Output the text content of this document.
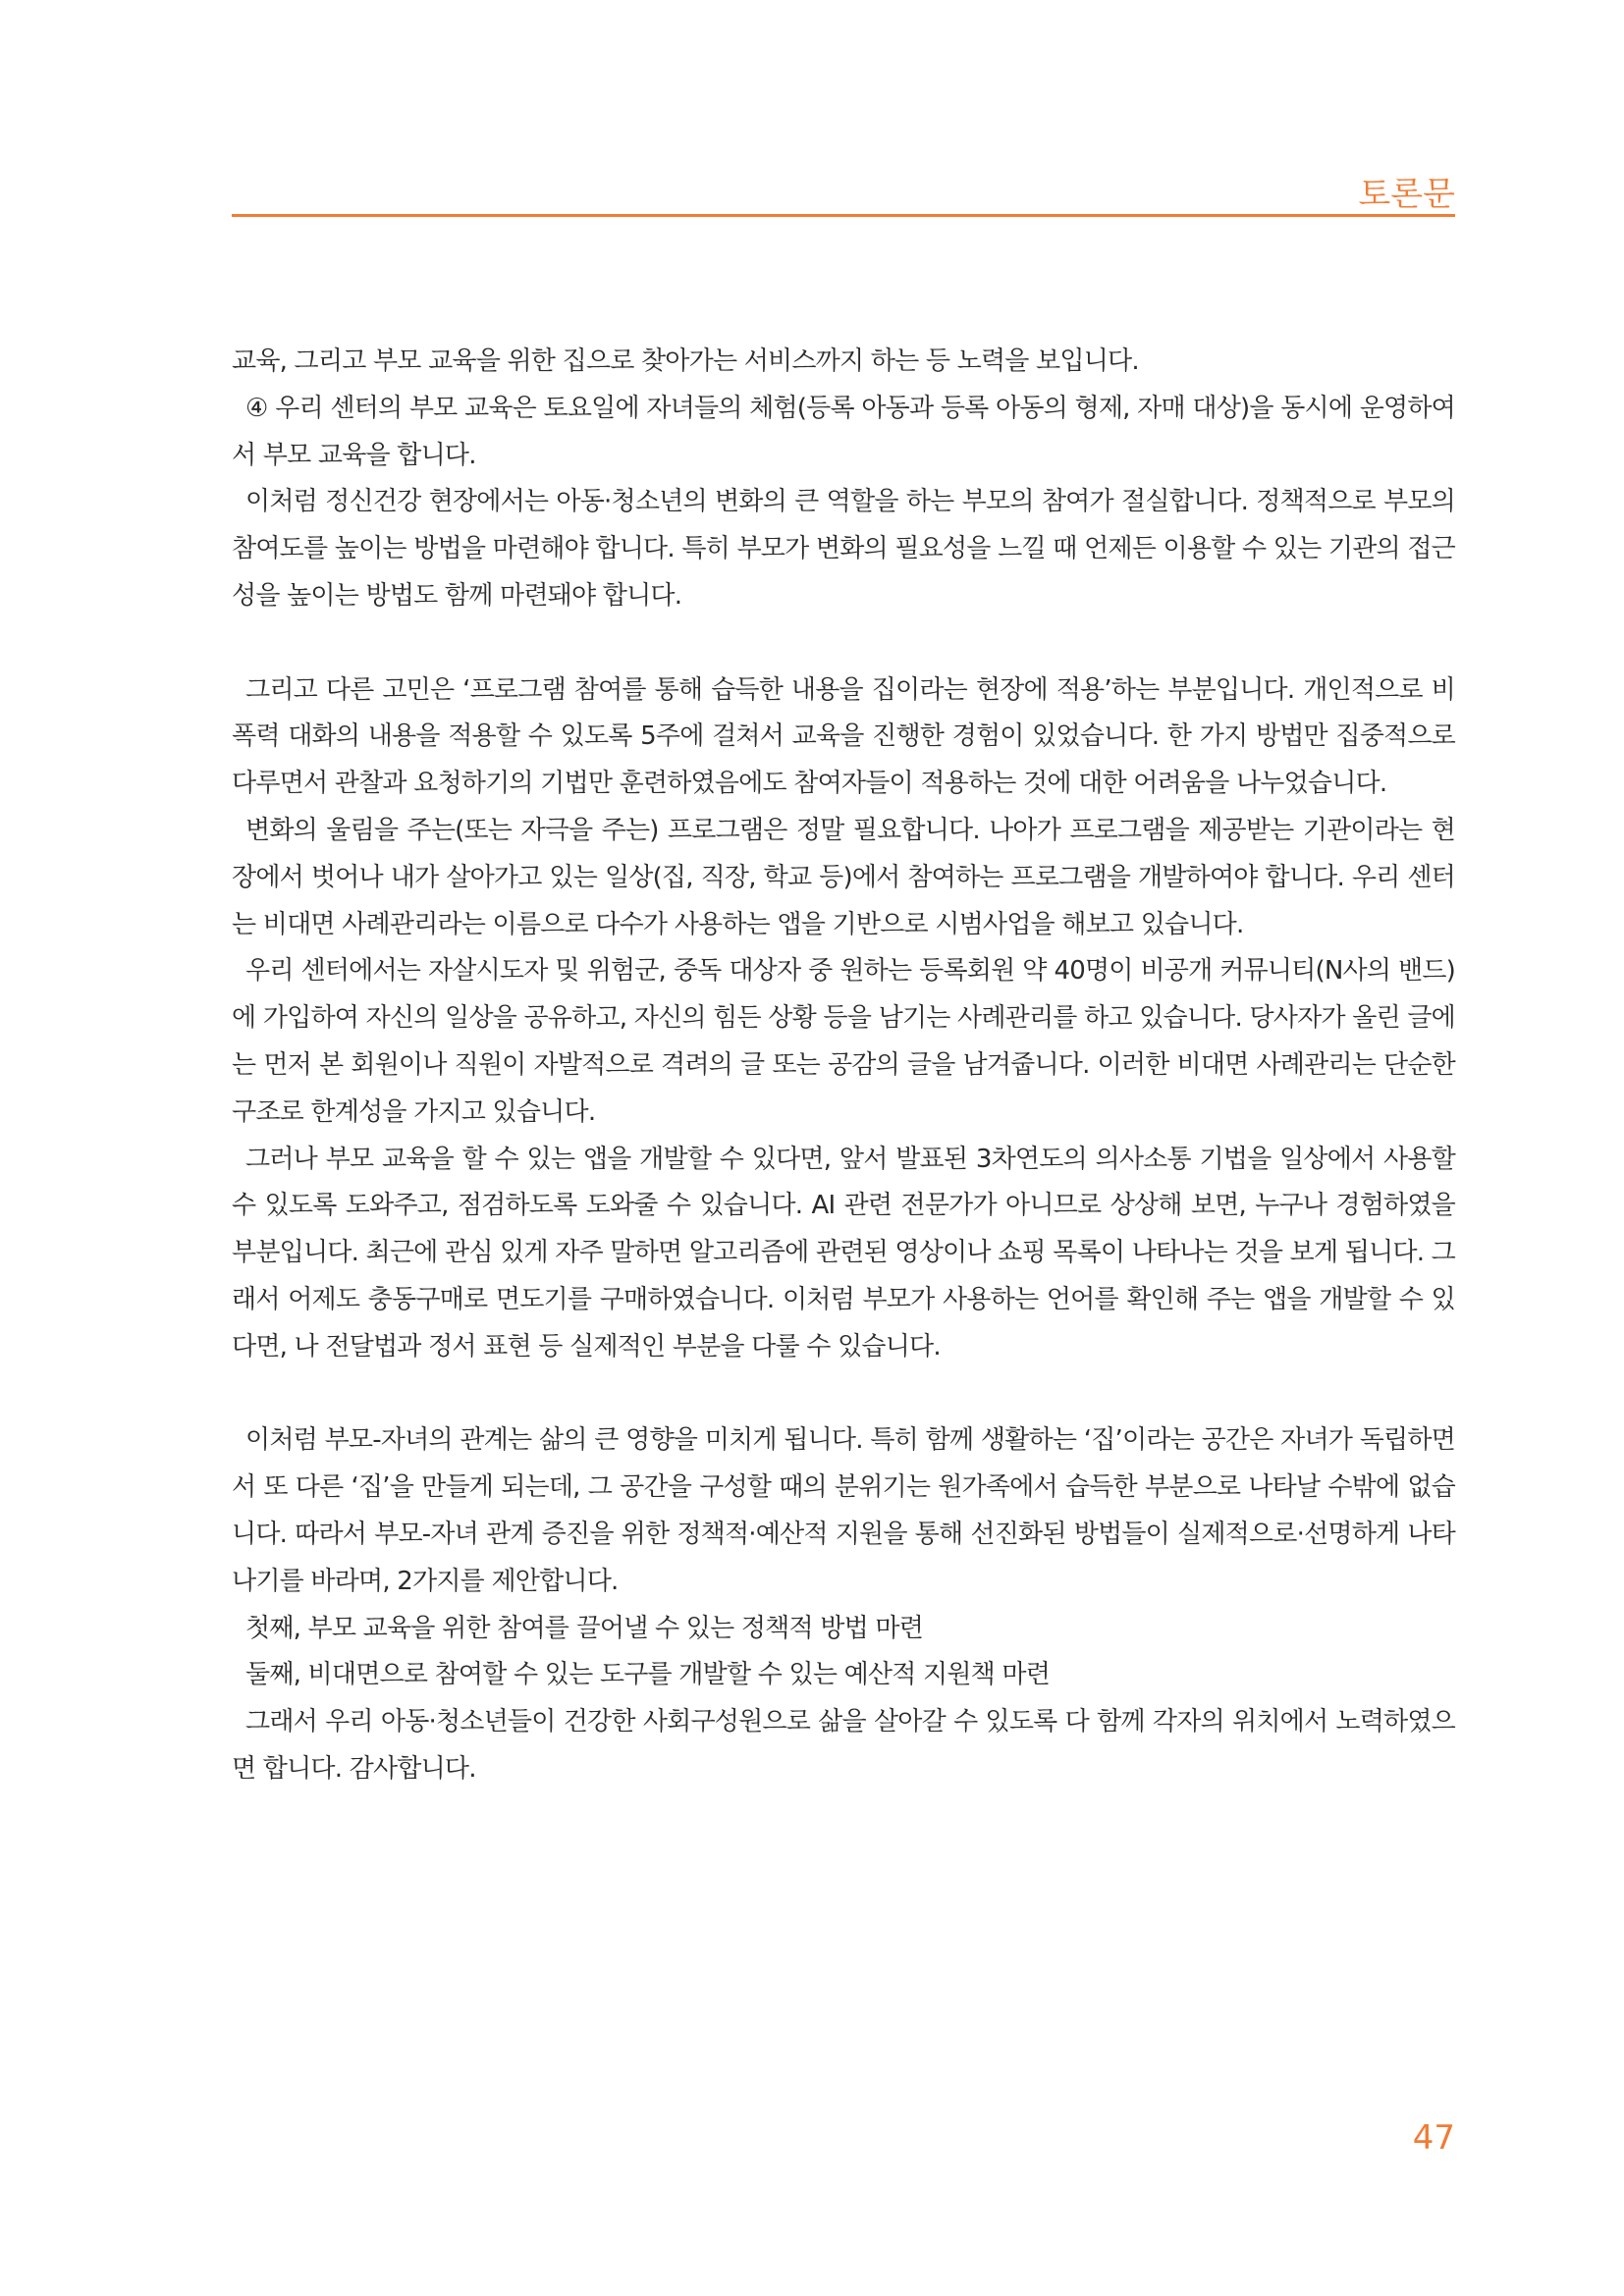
토론문

교육, 그리고 부모 교육을 위한 집으로 찾아가는 서비스까지 하는 등 노력을 보입니다.

④ 우리 센터의 부모 교육은 토요일에 자녀들의 체험(등록 아동과 등록 아동의 형제, 자매 대상)을 동시에 운영하여서 부모 교육을 합니다.

이처럼 정신건강 현장에서는 아동·청소년의 변화의 큰 역할을 하는 부모의 참여가 절실합니다. 정책적으로 부모의 참여도를 높이는 방법을 마련해야 합니다. 특히 부모가 변화의 필요성을 느낄 때 언제든 이용할 수 있는 기관의 접근성을 높이는 방법도 함께 마련돼야 합니다.

그리고 다른 고민은 ‘프로그램 참여를 통해 습득한 내용을 집이라는 현장에 적용’하는 부분입니다. 개인적으로 비폭력 대화의 내용을 적용할 수 있도록 5주에 걸쳐서 교육을 진행한 경험이 있었습니다. 한 가지 방법만 집중적으로 다루면서 관찰과 요청하기의 기법만 훈련하였음에도 참여자들이 적용하는 것에 대한 어려움을 나누었습니다.

변화의 울림을 주는(또는 자극을 주는) 프로그램은 정말 필요합니다. 나아가 프로그램을 제공받는 기관이라는 현장에서 벗어나 내가 살아가고 있는 일상(집, 직장, 학교 등)에서 참여하는 프로그램을 개발하여야 합니다. 우리 센터는 비대면 사례관리라는 이름으로 다수가 사용하는 앱을 기반으로 시범사업을 해보고 있습니다.

우리 센터에서는 자살시도자 및 위험군, 중독 대상자 중 원하는 등록회원 약 40명이 비공개 커뮤니티(N사의 밴드)에 가입하여 자신의 일상을 공유하고, 자신의 힘든 상황 등을 남기는 사례관리를 하고 있습니다. 당사자가 올린 글에는 먼저 본 회원이나 직원이 자발적으로 격려의 글 또는 공감의 글을 남겨줍니다. 이러한 비대면 사례관리는 단순한 구조로 한계성을 가지고 있습니다.

그러나 부모 교육을 할 수 있는 앱을 개발할 수 있다면, 앞서 발표된 3차연도의 의사소통 기법을 일상에서 사용할 수 있도록 도와주고, 점검하도록 도와줄 수 있습니다. AI 관련 전문가가 아니므로 상상해 보면, 누구나 경험하였을 부분입니다. 최근에 관심 있게 자주 말하면 알고리즘에 관련된 영상이나 쇼핑 목록이 나타나는 것을 보게 됩니다. 그래서 어제도 충동구매로 면도기를 구매하였습니다. 이처럼 부모가 사용하는 언어를 확인해 주는 앱을 개발할 수 있다면, 나 전달법과 정서 표현 등 실제적인 부분을 다룰 수 있습니다.

이처럼 부모-자녀의 관계는 삶의 큰 영향을 미치게 됩니다. 특히 함께 생활하는 ‘집’이라는 공간은 자녀가 독립하면서 또 다른 ‘집’을 만들게 되는데, 그 공간을 구성할 때의 분위기는 원가족에서 습득한 부분으로 나타날 수밖에 없습니다. 따라서 부모-자녀 관계 증진을 위한 정책적·예산적 지원을 통해 선진화된 방법들이 실제적으로·선명하게 나타나기를 바라며, 2가지를 제안합니다.

첫째, 부모 교육을 위한 참여를 끌어낼 수 있는 정책적 방법 마련

둘째, 비대면으로 참여할 수 있는 도구를 개발할 수 있는 예산적 지원책 마련

그래서 우리 아동·청소년들이 건강한 사회구성원으로 삶을 살아갈 수 있도록 다 함께 각자의 위치에서 노력하였으면 합니다. 감사합니다.

47
